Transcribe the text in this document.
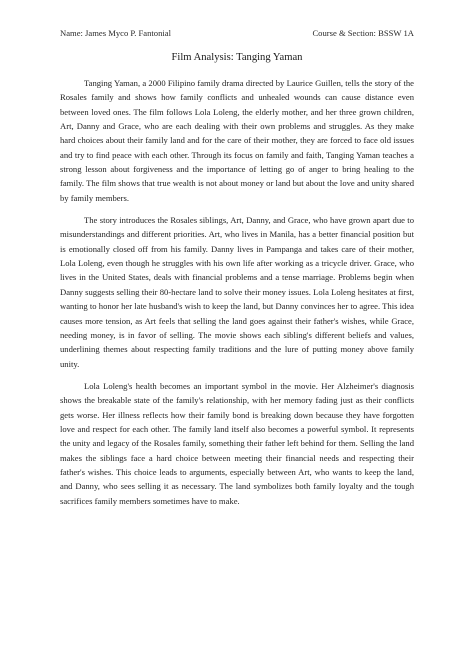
Name: James Myco P. Fantonial	Course & Section: BSSW 1A
Film Analysis: Tanging Yaman

Tanging Yaman, a 2000 Filipino family drama directed by Laurice Guillen, tells the story of the Rosales family and shows how family conflicts and unhealed wounds can cause distance even between loved ones. The film follows Lola Loleng, the elderly mother, and her three grown children, Art, Danny and Grace, who are each dealing with their own problems and struggles. As they make hard choices about their family land and for the care of their mother, they are forced to face old issues and try to find peace with each other. Through its focus on family and faith, Tanging Yaman teaches a strong lesson about forgiveness and the importance of letting go of anger to bring healing to the family. The film shows that true wealth is not about money or land but about the love and unity shared by family members.

The story introduces the Rosales siblings, Art, Danny, and Grace, who have grown apart due to misunderstandings and different priorities. Art, who lives in Manila, has a better financial position but is emotionally closed off from his family. Danny lives in Pampanga and takes care of their mother, Lola Loleng, even though he struggles with his own life after working as a tricycle driver. Grace, who lives in the United States, deals with financial problems and a tense marriage. Problems begin when Danny suggests selling their 80-hectare land to solve their money issues. Lola Loleng hesitates at first, wanting to honor her late husband's wish to keep the land, but Danny convinces her to agree. This idea causes more tension, as Art feels that selling the land goes against their father's wishes, while Grace, needing money, is in favor of selling. The movie shows each sibling's different beliefs and values, underlining themes about respecting family traditions and the lure of putting money above family unity.

Lola Loleng's health becomes an important symbol in the movie. Her Alzheimer's diagnosis shows the breakable state of the family's relationship, with her memory fading just as their conflicts gets worse. Her illness reflects how their family bond is breaking down because they have forgotten love and respect for each other. The family land itself also becomes a powerful symbol. It represents the unity and legacy of the Rosales family, something their father left behind for them. Selling the land makes the siblings face a hard choice between meeting their financial needs and respecting their father's wishes. This choice leads to arguments, especially between Art, who wants to keep the land, and Danny, who sees selling it as necessary. The land symbolizes both family loyalty and the tough sacrifices family members sometimes have to make.
